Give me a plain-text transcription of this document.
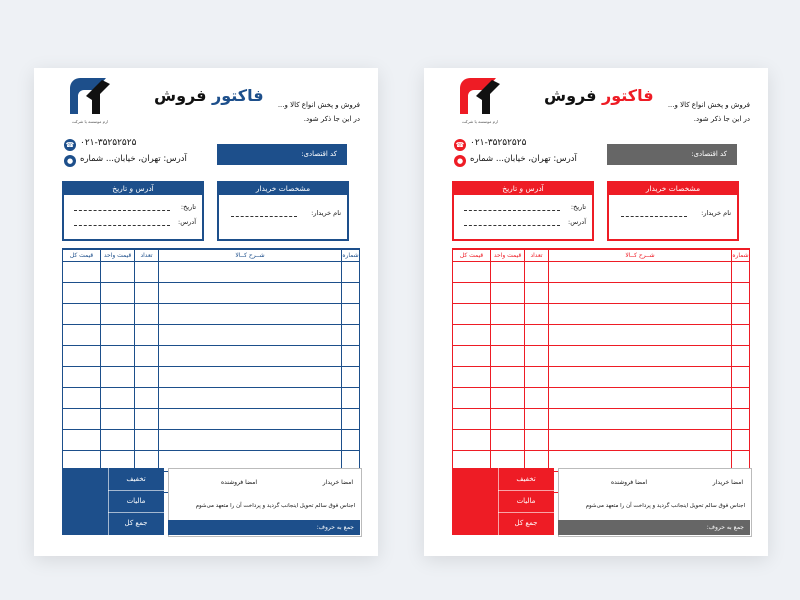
ارم موسسه یا شرکت
فاکتور فروش	فروش و پخش انواع کالا و...
در این جا ذکر شود.
☎ ۰۲۱-۳۵۲۵۲۵۲۵
● آدرس: تهران، خیابان... شماره	کد اقتصادی:
مشخصات خریدار
نام خریدار:
آدرس و تاریخ
تاریخ:
آدرس:
شماره	شــرح کــالا	تعداد	قیمت واحد	قیمت کل

تخفیف
مالیات
جمع کل
امضا خریدار
امضا فروشنده
اجناس فوق سالم تحویل اینجانب گردید و پرداخت آن را متعهد می‌شوم
جمع به حروف:
ارم موسسه یا شرکت
فاکتور فروش	فروش و پخش انواع کالا و...
در این جا ذکر شود.
☎ ۰۲۱-۳۵۲۵۲۵۲۵
● آدرس: تهران، خیابان... شماره	کد اقتصادی:
مشخصات خریدار
نام خریدار:
آدرس و تاریخ
تاریخ:
آدرس:
شماره	شــرح کــالا	تعداد	قیمت واحد	قیمت کل

تخفیف
مالیات
جمع کل
امضا خریدار
امضا فروشنده
اجناس فوق سالم تحویل اینجانب گردید و پرداخت آن را متعهد می‌شوم
جمع به حروف:
